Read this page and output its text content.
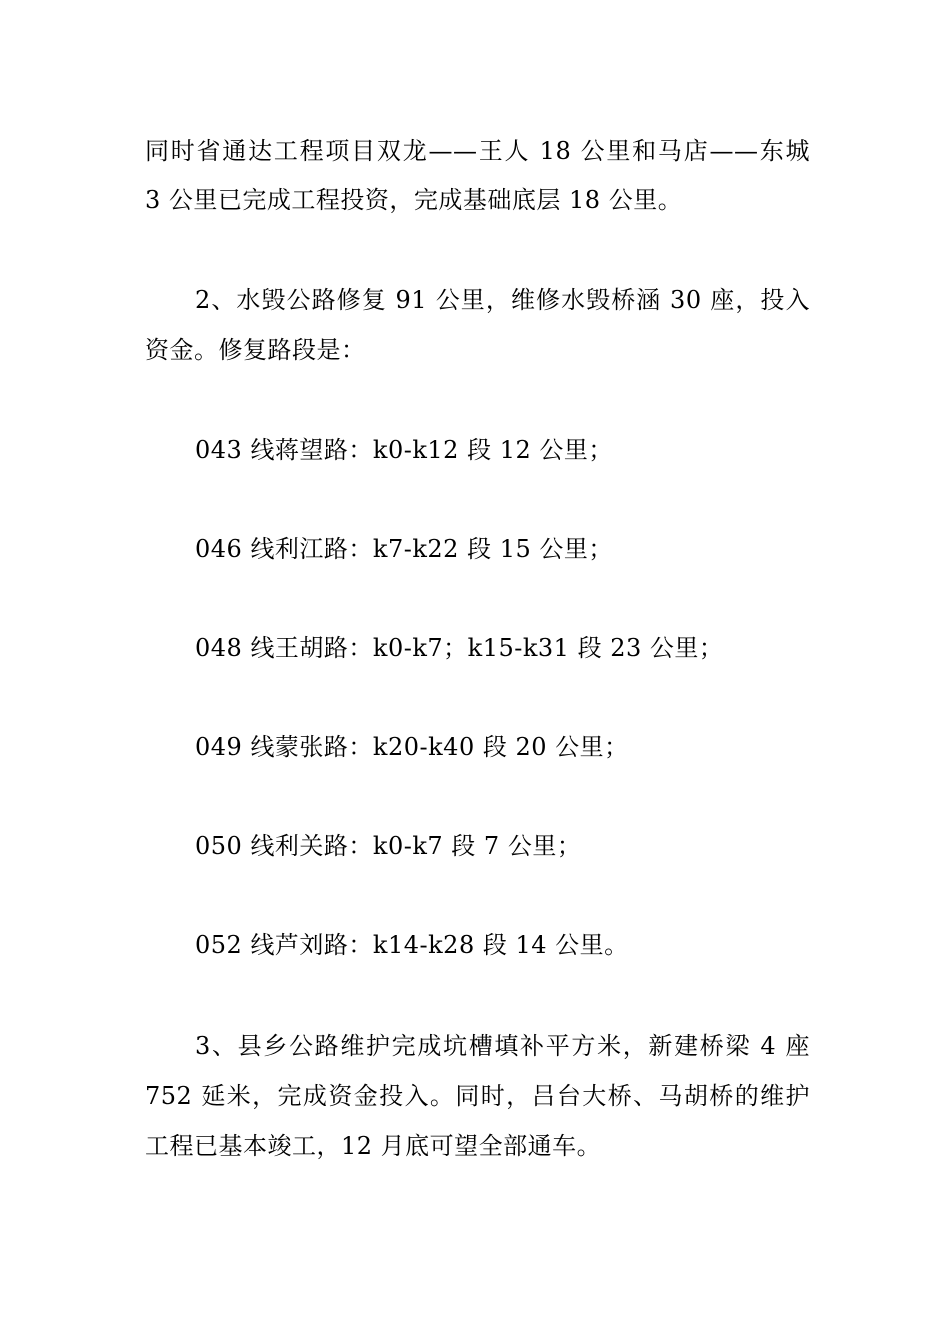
同时省通达工程项目双龙——王人 18 公里和马店——东城
3 公里已完成工程投资，完成基础底层 18 公里。
2、水毁公路修复 91 公里，维修水毁桥涵 30 座，投入
资金。修复路段是：
043 线蒋望路：k0-k12 段 12 公里；
046 线利江路：k7-k22 段 15 公里；
048 线王胡路：k0-k7；k15-k31 段 23 公里；
049 线蒙张路：k20-k40 段 20 公里；
050 线利关路：k0-k7 段 7 公里；
052 线芦刘路：k14-k28 段 14 公里。
3、县乡公路维护完成坑槽填补平方米，新建桥梁 4 座
752 延米，完成资金投入。同时，吕台大桥、马胡桥的维护
工程已基本竣工，12 月底可望全部通车。
